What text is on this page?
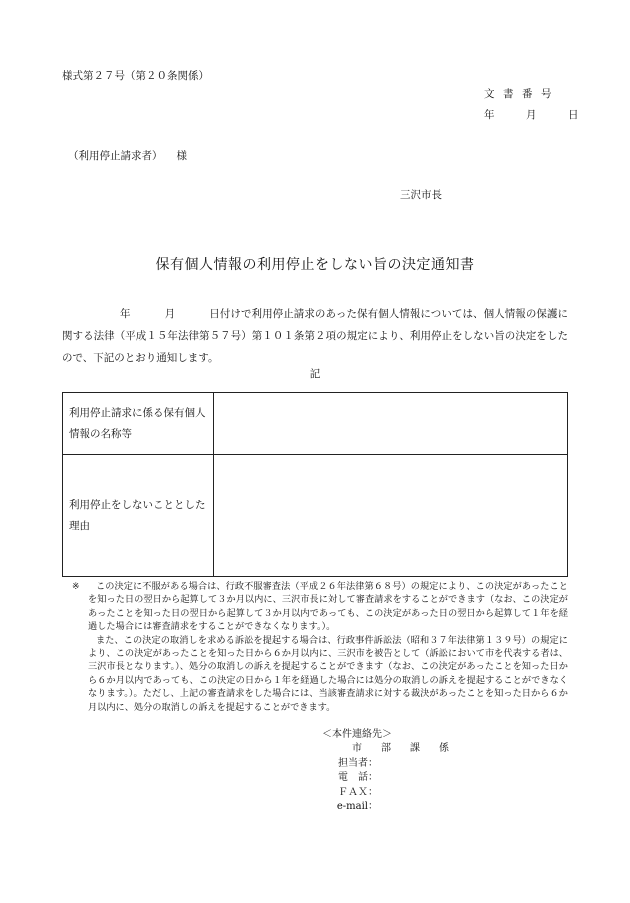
様式第２７号（第２０条関係）
文書番号
年	月	日
（利用停止請求者） 様
三沢市長
保有個人情報の利用停止をしない旨の決定通知書
年	月	日付けで利用停止請求のあった保有個人情報については、個人情報の保護に関する法律（平成１５年法律第５７号）第１０１条第２項の規定により、利用停止をしない旨の決定をしたので、下記のとおり通知します。
記
利用停止請求に係る保有個人情報の名称等	
利用停止をしないこととした理由	
※	この決定に不服がある場合は、行政不服審査法（平成２６年法律第６８号）の規定により、この決定があったことを知った日の翌日から起算して３か月以内に、三沢市長に対して審査請求をすることができます（なお、この決定があったことを知った日の翌日から起算して３か月以内であっても、この決定があった日の翌日から起算して１年を経過した場合には審査請求をすることができなくなります。）。
また、この決定の取消しを求める訴訟を提起する場合は、行政事件訴訟法（昭和３７年法律第１３９号）の規定により、この決定があったことを知った日から６か月以内に、三沢市を被告として（訴訟において市を代表する者は、三沢市長となります。）、処分の取消しの訴えを提起することができます（なお、この決定があったことを知った日から６か月以内であっても、この決定の日から１年を経過した場合には処分の取消しの訴えを提起することができなくなります。）。ただし、上記の審査請求をした場合には、当該審査請求に対する裁決があったことを知った日から６か月以内に、処分の取消しの訴えを提起することができます。
＜本件連絡先＞
市 部 課 係
担当者：
電　話：
ＦＡＸ：
e-mail：
